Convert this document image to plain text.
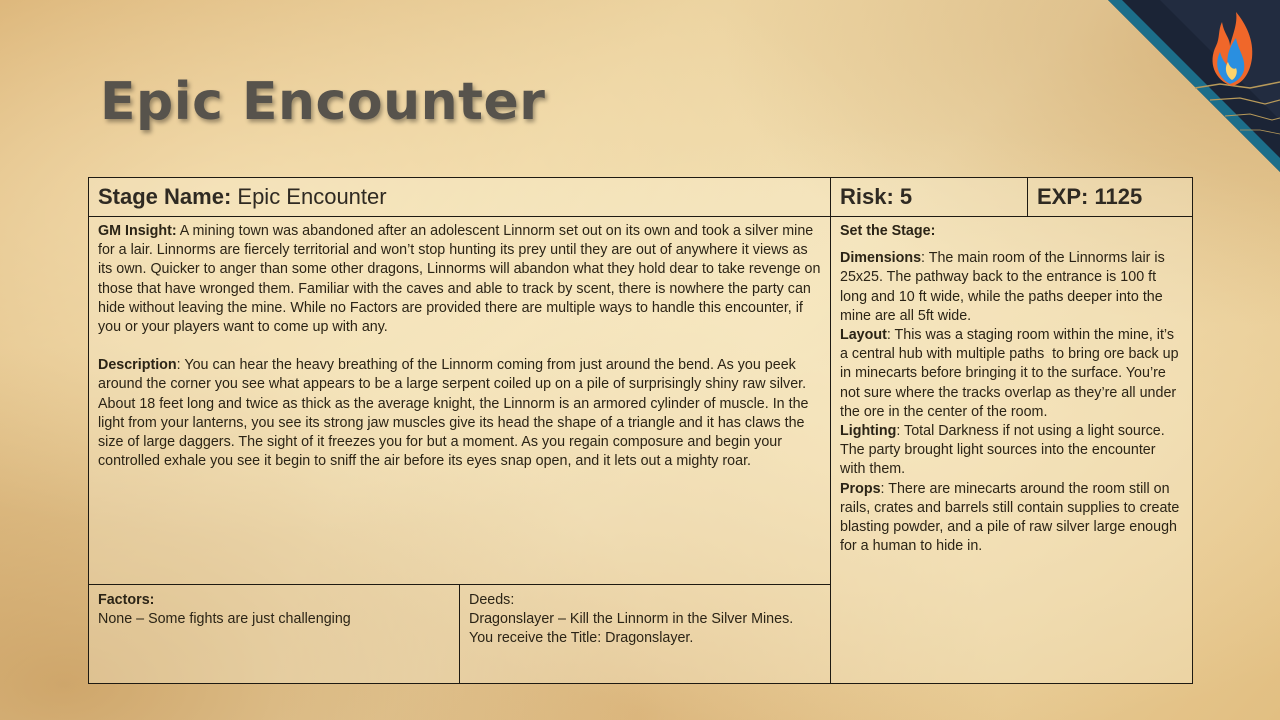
Epic Encounter
Stage Name: Epic Encounter	Risk: 5	EXP: 1125

GM Insight: A mining town was abandoned after an adolescent Linnorm set out on its own and took a silver mine for a lair. Linnorms are fiercely territorial and won’t stop hunting its prey until they are out of anywhere it views as its own. Quicker to anger than some other dragons, Linnorms will abandon what they hold dear to take revenge on those that have wronged them. Familiar with the caves and able to track by scent, there is nowhere the party can hide without leaving the mine. While no Factors are provided there are multiple ways to handle this encounter, if you or your players want to come up with any.

Description: You can hear the heavy breathing of the Linnorm coming from just around the bend. As you peek around the corner you see what appears to be a large serpent coiled up on a pile of surprisingly shiny raw silver. About 18 feet long and twice as thick as the average knight, the Linnorm is an armored cylinder of muscle. In the light from your lanterns, you see its strong jaw muscles give its head the shape of a triangle and it has claws the size of large daggers. The sight of it freezes you for but a moment. As you regain composure and begin your controlled exhale you see it begin to sniff the air before its eyes snap open, and it lets out a mighty roar.

Set the Stage:

Dimensions: The main room of the Linnorms lair is 25x25. The pathway back to the entrance is 100 ft long and 10 ft wide, while the paths deeper into the mine are all 5ft wide.

Layout: This was a staging room within the mine, it’s a central hub with multiple paths  to bring ore back up in minecarts before bringing it to the surface. You’re not sure where the tracks overlap as they’re all under the ore in the center of the room.

Lighting: Total Darkness if not using a light source. The party brought light sources into the encounter with them.

Props: There are minecarts around the room still on rails, crates and barrels still contain supplies to create blasting powder, and a pile of raw silver large enough for a human to hide in.

Factors:

None – Some fights are just challenging

Deeds:

Dragonslayer – Kill the Linnorm in the Silver Mines.

You receive the Title: Dragonslayer.
